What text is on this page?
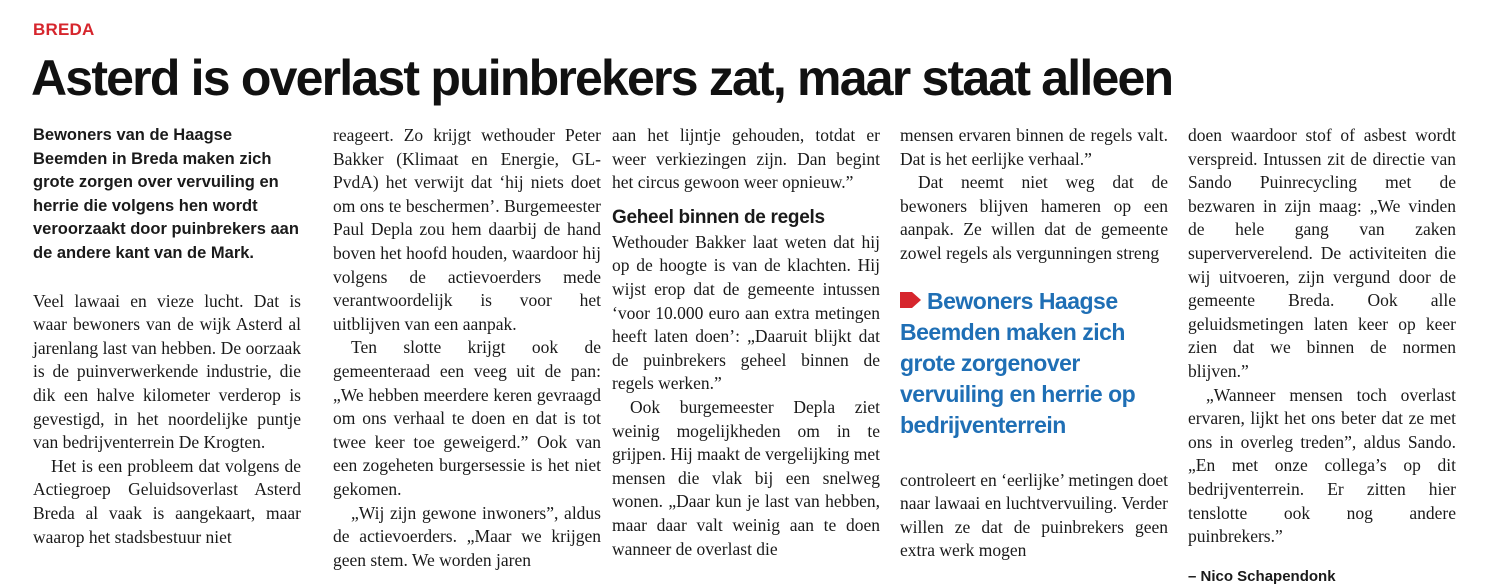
BREDA
Asterd is overlast puinbrekers zat, maar staat alleen

Bewoners van de Haagse Beemden in Breda maken zich grote zorgen over vervuiling en herrie die volgens hen wordt veroorzaakt door puinbrekers aan de andere kant van de Mark.

Veel lawaai en vieze lucht. Dat is waar bewoners van de wijk Asterd al jarenlang last van hebben. De oorzaak is de puinverwerkende industrie, die dik een halve kilometer verderop is gevestigd, in het noordelijke puntje van bedrijventerrein De Krogten.

Het is een probleem dat volgens de Actiegroep Geluidsoverlast Asterd Breda al vaak is aangekaart, maar waarop het stadsbestuur niet

reageert. Zo krijgt wethouder Peter Bakker (Klimaat en Energie, GL-PvdA) het verwijt dat ‘hij niets doet om ons te beschermen’. Burgemeester Paul Depla zou hem daarbij de hand boven het hoofd houden, waardoor hij volgens de actievoerders mede verantwoordelijk is voor het uitblijven van een aanpak.

Ten slotte krijgt ook de gemeenteraad een veeg uit de pan: „We hebben meerdere keren gevraagd om ons verhaal te doen en dat is tot twee keer toe geweigerd.” Ook van een zogeheten burgersessie is het niet gekomen.

„Wij zijn gewone inwoners”, aldus de actievoerders. „Maar we krijgen geen stem. We worden jaren

aan het lijntje gehouden, totdat er weer verkiezingen zijn. Dan begint het circus gewoon weer opnieuw.”

Geheel binnen de regels

Wethouder Bakker laat weten dat hij op de hoogte is van de klachten. Hij wijst erop dat de gemeente intussen ‘voor 10.000 euro aan extra metingen heeft laten doen’: „Daaruit blijkt dat de puinbrekers geheel binnen de regels werken.”

Ook burgemeester Depla ziet weinig mogelijkheden om in te grijpen. Hij maakt de vergelijking met mensen die vlak bij een snelweg wonen. „Daar kun je last van hebben, maar daar valt weinig aan te doen wanneer de overlast die

mensen ervaren binnen de regels valt. Dat is het eerlijke verhaal.”

Dat neemt niet weg dat de bewoners blijven hameren op een aanpak. Ze willen dat de gemeente zowel regels als vergunningen streng

Bewoners Haagse Beemden maken zich grote zorgenover vervuiling en herrie op bedrijventerrein

controleert en ‘eerlijke’ metingen doet naar lawaai en luchtvervuiling. Verder willen ze dat de puinbrekers geen extra werk mogen

doen waardoor stof of asbest wordt verspreid. Intussen zit de directie van Sando Puinrecycling met de bezwaren in zijn maag: „We vinden de hele gang van zaken superververelend. De activiteiten die wij uitvoeren, zijn vergund door de gemeente Breda. Ook alle geluidsmetingen laten keer op keer zien dat we binnen de normen blijven.”

„Wanneer mensen toch overlast ervaren, lijkt het ons beter dat ze met ons in overleg treden”, aldus Sando. „En met onze collega’s op dit bedrijventerrein. Er zitten hier tenslotte ook nog andere puinbrekers.”

– Nico Schapendonk
